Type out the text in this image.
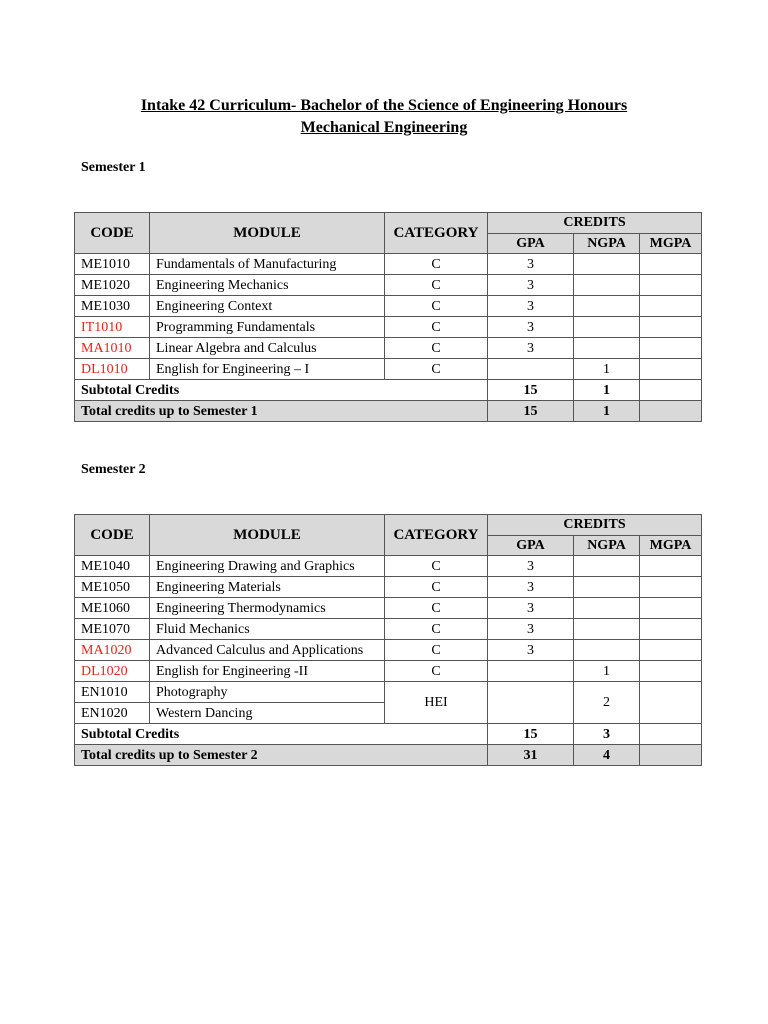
Intake 42 Curriculum- Bachelor of the Science of Engineering Honours
Mechanical Engineering
Semester 1
CODE	MODULE	CATEGORY	CREDITS		
			GPA	NGPA	MGPA
ME1010	Fundamentals of Manufacturing	C	3		
ME1020	Engineering Mechanics	C	3		
ME1030	Engineering Context	C	3		
IT1010	Programming Fundamentals	C	3		
MA1010	Linear Algebra and Calculus	C	3		
DL1010	English for Engineering – I	C		1	
Subtotal Credits			15	1	
Total credits up to Semester 1			15	1	
Semester 2
CODE	MODULE	CATEGORY	CREDITS		
			GPA	NGPA	MGPA
ME1040	Engineering Drawing and Graphics	C	3		
ME1050	Engineering Materials	C	3		
ME1060	Engineering Thermodynamics	C	3		
ME1070	Fluid Mechanics	C	3		
MA1020	Advanced Calculus and Applications	C	3		
DL1020	English for Engineering -II	C		1	
EN1010	Photography	HEI		2	
EN1020	Western Dancing				
Subtotal Credits			15	3	
Total credits up to Semester 2			31	4	
